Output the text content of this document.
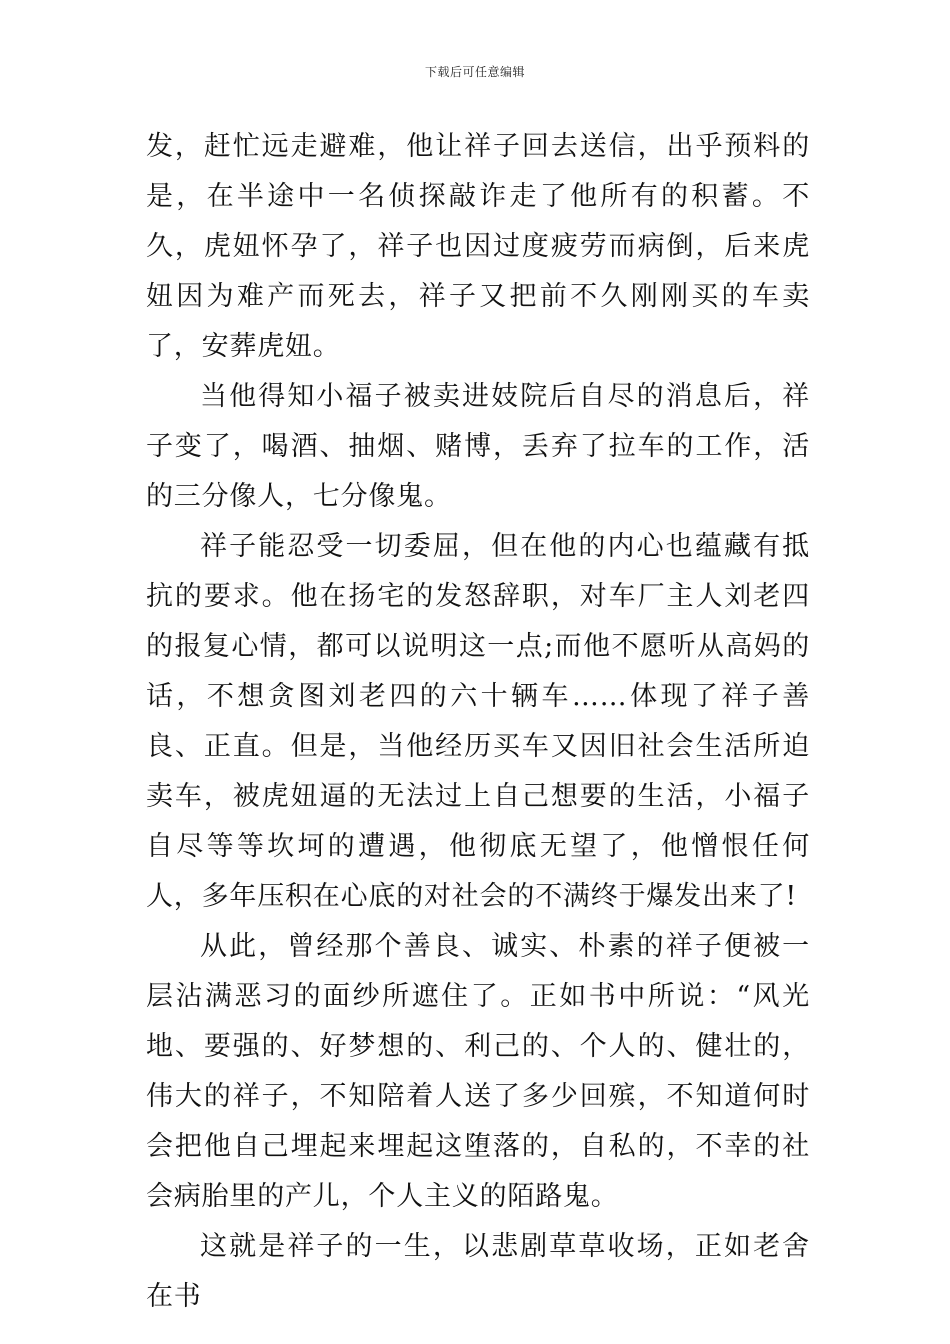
下载后可任意编辑

发，赶忙远走避难，他让祥子回去送信，出乎预料的是，在半途中一名侦探敲诈走了他所有的积蓄。不久，虎妞怀孕了，祥子也因过度疲劳而病倒，后来虎妞因为难产而死去，祥子又把前不久刚刚买的车卖了，安葬虎妞。

当他得知小福子被卖进妓院后自尽的消息后，祥子变了，喝酒、抽烟、赌博，丢弃了拉车的工作，活的三分像人，七分像鬼。

祥子能忍受一切委屈，但在他的内心也蕴藏有抵抗的要求。他在扬宅的发怒辞职，对车厂主人刘老四的报复心情，都可以说明这一点;而他不愿听从高妈的话，不想贪图刘老四的六十辆车……体现了祥子善良、正直。但是，当他经历买车又因旧社会生活所迫卖车，被虎妞逼的无法过上自己想要的生活，小福子自尽等等坎坷的遭遇，他彻底无望了，他憎恨任何人，多年压积在心底的对社会的不满终于爆发出来了!

从此，曾经那个善良、诚实、朴素的祥子便被一层沾满恶习的面纱所遮住了。正如书中所说：“风光地、要强的、好梦想的、利己的、个人的、健壮的，伟大的祥子，不知陪着人送了多少回殡，不知道何时会把他自己埋起来埋起这堕落的，自私的，不幸的社会病胎里的产儿，个人主义的陌路鬼。

这就是祥子的一生，以悲剧草草收场，正如老舍在书
